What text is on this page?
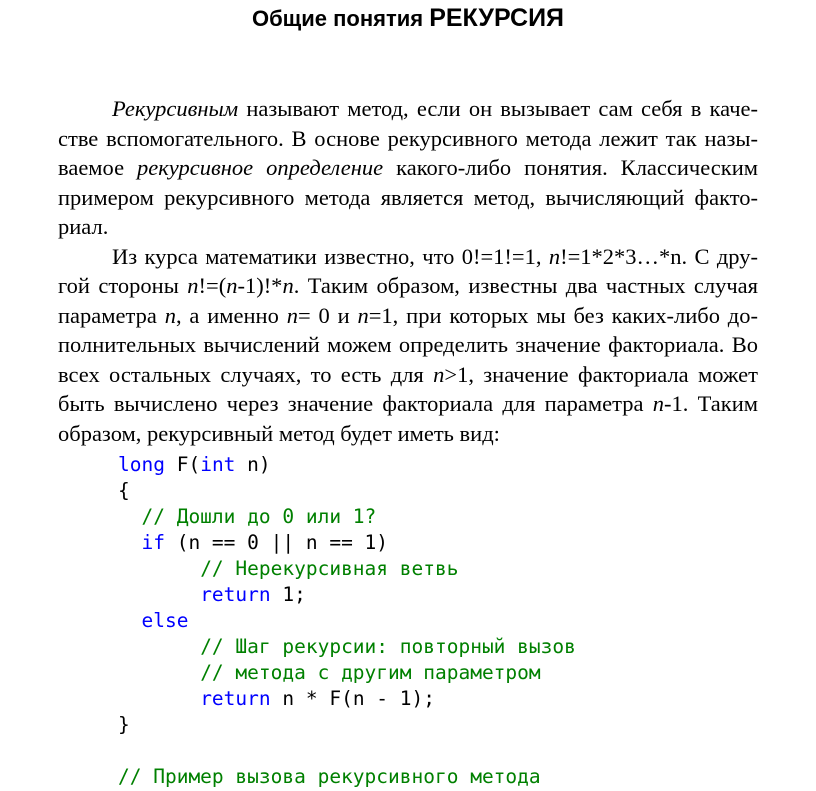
Общие понятия РЕКУРСИЯ
Рекурсивным называют метод, если он вызывает сам себя в каче-
стве вспомогательного. В основе рекурсивного метода лежит так назы-
ваемое рекурсивное определение какого-либо понятия. Классическим
примером рекурсивного метода является метод, вычисляющий факто-
риал.
Из курса математики известно, что 0!=1!=1, n!=1*2*3…*n. С дру-
гой стороны n!=(n-1)!*n. Таким образом, известны два частных случая
параметра n, а именно n= 0 и n=1, при которых мы без каких-либо до-
полнительных вычислений можем определить значение факториала. Во
всех остальных случаях, то есть для n>1, значение факториала может
быть вычислено через значение факториала для параметра n-1. Таким
образом, рекурсивный метод будет иметь вид:
long F(int n)
{
// Дошли до 0 или 1?
if (n == 0 || n == 1)
// Нерекурсивная ветвь
return 1;
else
// Шаг рекурсии: повторный вызов
// метода с другим параметром
return n * F(n - 1);
}

// Пример вызова рекурсивного метода
